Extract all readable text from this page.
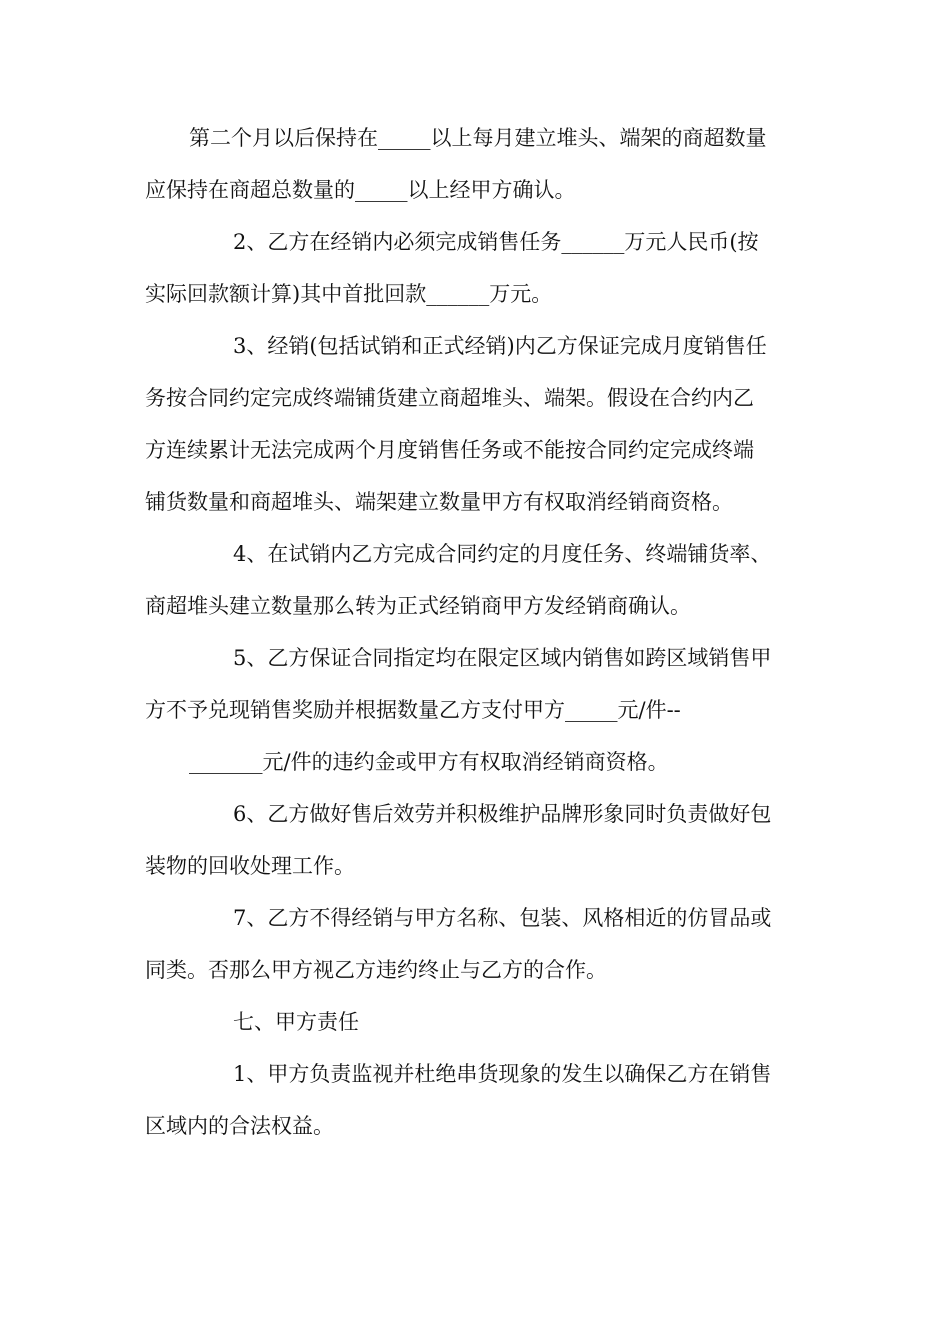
第二个月以后保持在_____以上每月建立堆头、端架的商超数量
应保持在商超总数量的_____以上经甲方确认。
2、乙方在经销内必须完成销售任务______万元人民币(按
实际回款额计算)其中首批回款______万元。
3、经销(包括试销和正式经销)内乙方保证完成月度销售任
务按合同约定完成终端铺货建立商超堆头、端架。假设在合约内乙
方连续累计无法完成两个月度销售任务或不能按合同约定完成终端
铺货数量和商超堆头、端架建立数量甲方有权取消经销商资格。
4、在试销内乙方完成合同约定的月度任务、终端铺货率、
商超堆头建立数量那么转为正式经销商甲方发经销商确认。
5、乙方保证合同指定均在限定区域内销售如跨区域销售甲
方不予兑现销售奖励并根据数量乙方支付甲方_____元/件--
_______元/件的违约金或甲方有权取消经销商资格。
6、乙方做好售后效劳并积极维护品牌形象同时负责做好包
装物的回收处理工作。
7、乙方不得经销与甲方名称、包装、风格相近的仿冒品或
同类。否那么甲方视乙方违约终止与乙方的合作。
七、甲方责任
1、甲方负责监视并杜绝串货现象的发生以确保乙方在销售
区域内的合法权益。
